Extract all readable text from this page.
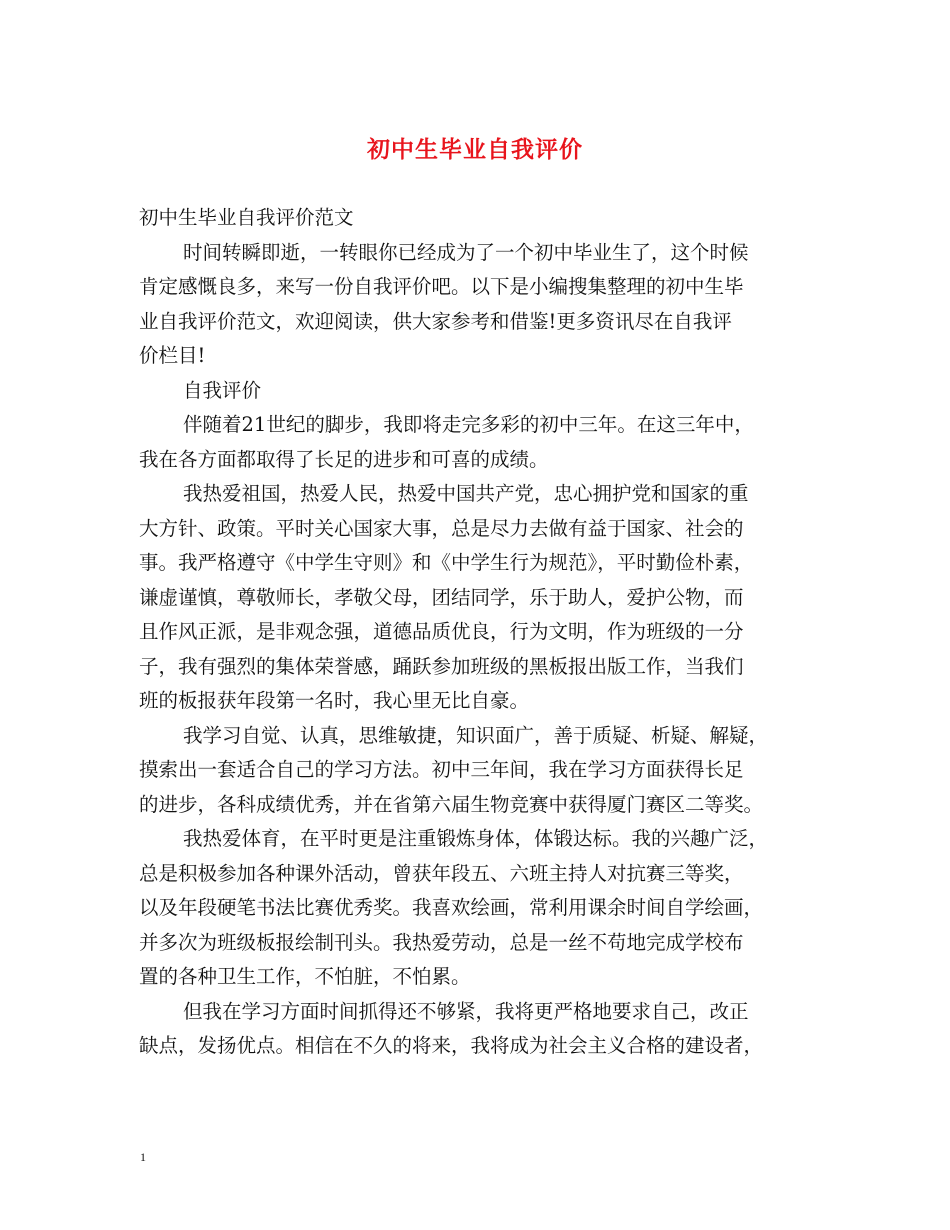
初中生毕业自我评价
初中生毕业自我评价范文
时间转瞬即逝，一转眼你已经成为了一个初中毕业生了，这个时候
肯定感慨良多，来写一份自我评价吧。以下是小编搜集整理的初中生毕
业自我评价范文，欢迎阅读，供大家参考和借鉴!更多资讯尽在自我评
价栏目!
自我评价
伴随着21世纪的脚步，我即将走完多彩的初中三年。在这三年中，
我在各方面都取得了长足的进步和可喜的成绩。
我热爱祖国，热爱人民，热爱中国共产党，忠心拥护党和国家的重
大方针、政策。平时关心国家大事，总是尽力去做有益于国家、社会的
事。我严格遵守《中学生守则》和《中学生行为规范》，平时勤俭朴素，
谦虚谨慎，尊敬师长，孝敬父母，团结同学，乐于助人，爱护公物，而
且作风正派，是非观念强，道德品质优良，行为文明，作为班级的一分
子，我有强烈的集体荣誉感，踊跃参加班级的黑板报出版工作，当我们
班的板报获年段第一名时，我心里无比自豪。
我学习自觉、认真，思维敏捷，知识面广，善于质疑、析疑、解疑，
摸索出一套适合自己的学习方法。初中三年间，我在学习方面获得长足
的进步，各科成绩优秀，并在省第六届生物竞赛中获得厦门赛区二等奖。
我热爱体育，在平时更是注重锻炼身体，体锻达标。我的兴趣广泛，
总是积极参加各种课外活动，曾获年段五、六班主持人对抗赛三等奖，
以及年段硬笔书法比赛优秀奖。我喜欢绘画，常利用课余时间自学绘画，
并多次为班级板报绘制刊头。我热爱劳动，总是一丝不苟地完成学校布
置的各种卫生工作，不怕脏，不怕累。
但我在学习方面时间抓得还不够紧，我将更严格地要求自己，改正
缺点，发扬优点。相信在不久的将来，我将成为社会主义合格的建设者，
1
